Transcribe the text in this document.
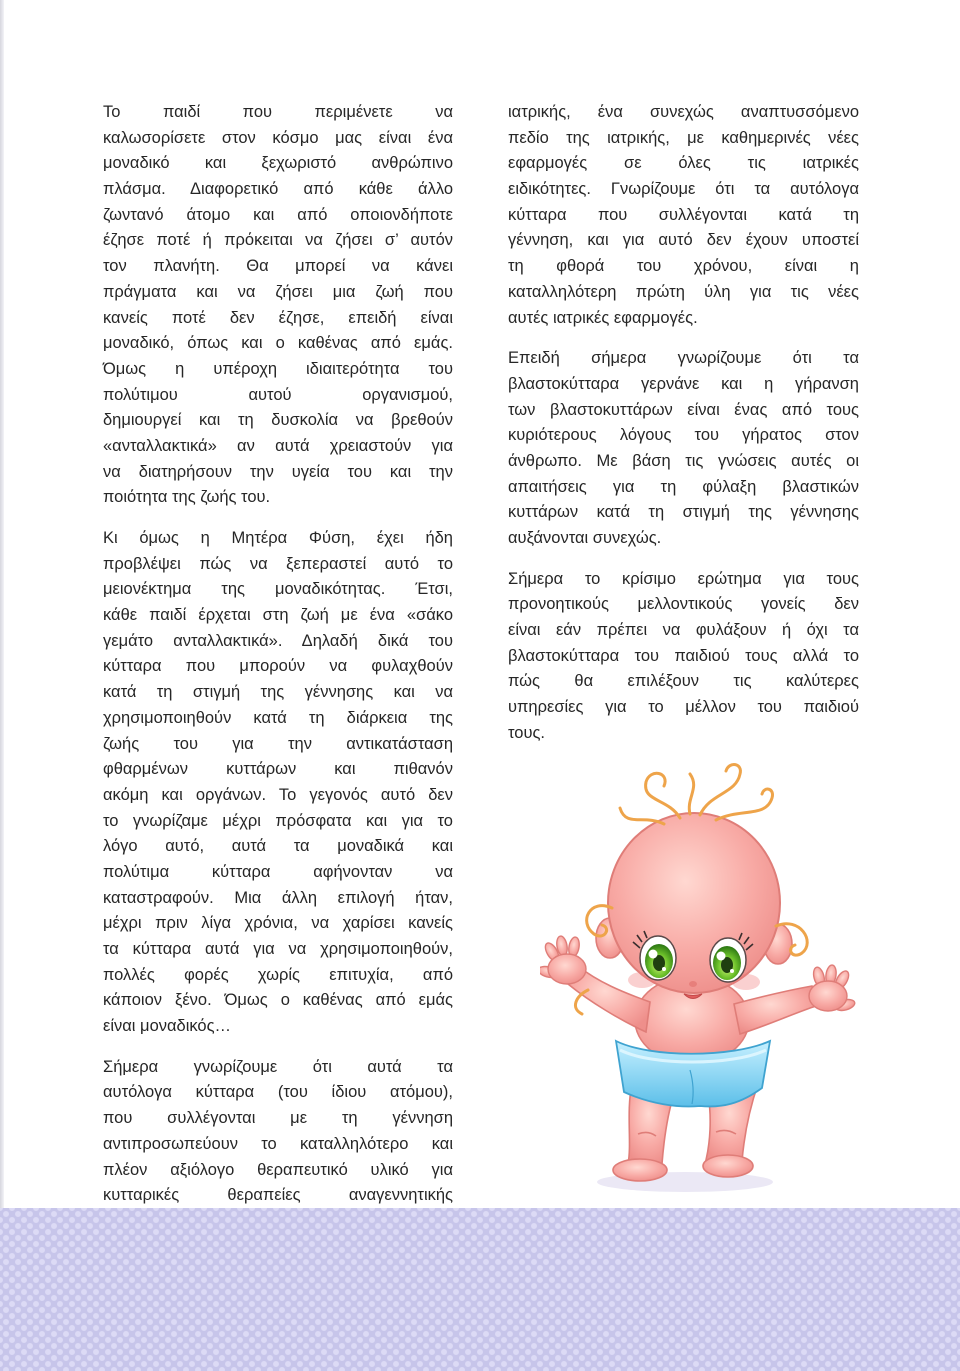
Το παιδί που περιμένετε να
καλωσορίσετε στον κόσμο μας είναι ένα
μοναδικό και ξεχωριστό ανθρώπινο
πλάσμα. Διαφορετικό από κάθε άλλο
ζωντανό άτομο και από οποιονδήποτε
έζησε ποτέ ή πρόκειται να ζήσει σ’ αυτόν
τον πλανήτη. Θα μπορεί να κάνει
πράγματα και να ζήσει μια ζωή που
κανείς ποτέ δεν έζησε, επειδή είναι
μοναδικό, όπως και ο καθένας από εμάς.
Όμως η υπέροχη ιδιαιτερότητα του
πολύτιμου αυτού οργανισμού,
δημιουργεί και τη δυσκολία να βρεθούν
«ανταλλακτικά» αν αυτά χρειαστούν για
να διατηρήσουν την υγεία του και την
ποιότητα της ζωής του.
Κι όμως η Μητέρα Φύση, έχει ήδη
προβλέψει πώς να ξεπεραστεί αυτό το
μειονέκτημα της μοναδικότητας. Έτσι,
κάθε παιδί έρχεται στη ζωή με ένα «σάκο
γεμάτο ανταλλακτικά». Δηλαδή δικά του
κύτταρα που μπορούν να φυλαχθούν
κατά τη στιγμή της γέννησης και να
χρησιμοποιηθούν κατά τη διάρκεια της
ζωής του για την αντικατάσταση
φθαρμένων κυττάρων και πιθανόν
ακόμη και οργάνων. Το γεγονός αυτό δεν
το γνωρίζαμε μέχρι πρόσφατα και για το
λόγο αυτό, αυτά τα μοναδικά και
πολύτιμα κύτταρα αφήνονταν να
καταστραφούν. Μια άλλη επιλογή ήταν,
μέχρι πριν λίγα χρόνια, να χαρίσει κανείς
τα κύτταρα αυτά για να χρησιμοποιηθούν,
πολλές φορές χωρίς επιτυχία, από
κάποιον ξένο. Όμως ο καθένας από εμάς
είναι μοναδικός…
Σήμερα γνωρίζουμε ότι αυτά τα
αυτόλογα κύτταρα (του ίδιου ατόμου),
που συλλέγονται με τη γέννηση
αντιπροσωπεύουν το καταλληλότερο και
πλέον αξιόλογο θεραπευτικό υλικό για
κυτταρικές θεραπείες αναγεννητικής
ιατρικής, ένα συνεχώς αναπτυσσόμενο
πεδίο της ιατρικής, με καθημερινές νέες
εφαρμογές σε όλες τις ιατρικές
ειδικότητες. Γνωρίζουμε ότι τα αυτόλογα
κύτταρα που συλλέγονται κατά τη
γέννηση, και για αυτό δεν έχουν υποστεί
τη φθορά του χρόνου, είναι η
καταλληλότερη πρώτη ύλη για τις νέες
αυτές ιατρικές εφαρμογές.
Επειδή σήμερα γνωρίζουμε ότι τα
βλαστοκύτταρα γερνάνε και η γήρανση
των βλαστοκυττάρων είναι ένας από τους
κυριότερους λόγους του γήρατος στον
άνθρωπο. Με βάση τις γνώσεις αυτές οι
απαιτήσεις για τη φύλαξη βλαστικών
κυττάρων κατά τη στιγμή της γέννησης
αυξάνονται συνεχώς.
Σήμερα το κρίσιμο ερώτημα για τους
προνοητικούς μελλοντικούς γονείς δεν
είναι εάν πρέπει να φυλάξουν ή όχι τα
βλαστοκύτταρα του παιδιού τους αλλά το
πώς θα επιλέξουν τις καλύτερες
υπηρεσίες για το μέλλον του παιδιού
τους.
